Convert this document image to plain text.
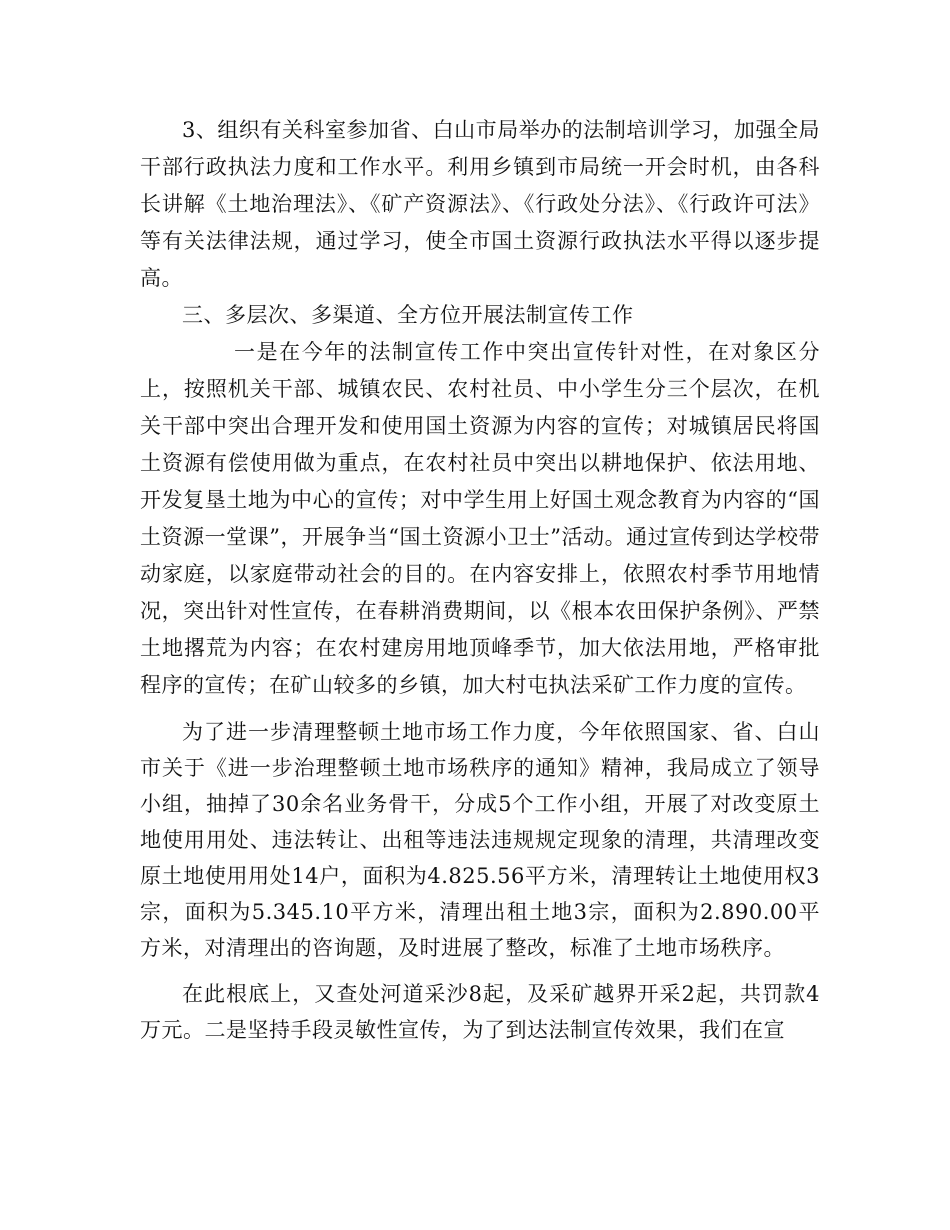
3、组织有关科室参加省、白山市局举办的法制培训学习，加强全局干部行政执法力度和工作水平。利用乡镇到市局统一开会时机，由各科长讲解《土地治理法》、《矿产资源法》、《行政处分法》、《行政许可法》等有关法律法规，通过学习，使全市国土资源行政执法水平得以逐步提高。

三、多层次、多渠道、全方位开展法制宣传工作

一是在今年的法制宣传工作中突出宣传针对性，在对象区分上，按照机关干部、城镇农民、农村社员、中小学生分三个层次，在机关干部中突出合理开发和使用国土资源为内容的宣传；对城镇居民将国土资源有偿使用做为重点，在农村社员中突出以耕地保护、依法用地、开发复垦土地为中心的宣传；对中学生用上好国土观念教育为内容的“国土资源一堂课”，开展争当“国土资源小卫士”活动。通过宣传到达学校带动家庭，以家庭带动社会的目的。在内容安排上，依照农村季节用地情况，突出针对性宣传，在春耕消费期间，以《根本农田保护条例》、严禁土地撂荒为内容；在农村建房用地顶峰季节，加大依法用地，严格审批程序的宣传；在矿山较多的乡镇，加大村屯执法采矿工作力度的宣传。

为了进一步清理整顿土地市场工作力度，今年依照国家、省、白山市关于《进一步治理整顿土地市场秩序的通知》精神，我局成立了领导小组，抽掉了30余名业务骨干，分成5个工作小组，开展了对改变原土地使用用处、违法转让、出租等违法违规规定现象的清理，共清理改变原土地使用用处14户，面积为4.825.56平方米，清理转让土地使用权3宗，面积为5.345.10平方米，清理出租土地3宗，面积为2.890.00平方米，对清理出的咨询题，及时进展了整改，标准了土地市场秩序。

在此根底上，又查处河道采沙8起，及采矿越界开采2起，共罚款4万元。二是坚持手段灵敏性宣传，为了到达法制宣传效果，我们在宣
